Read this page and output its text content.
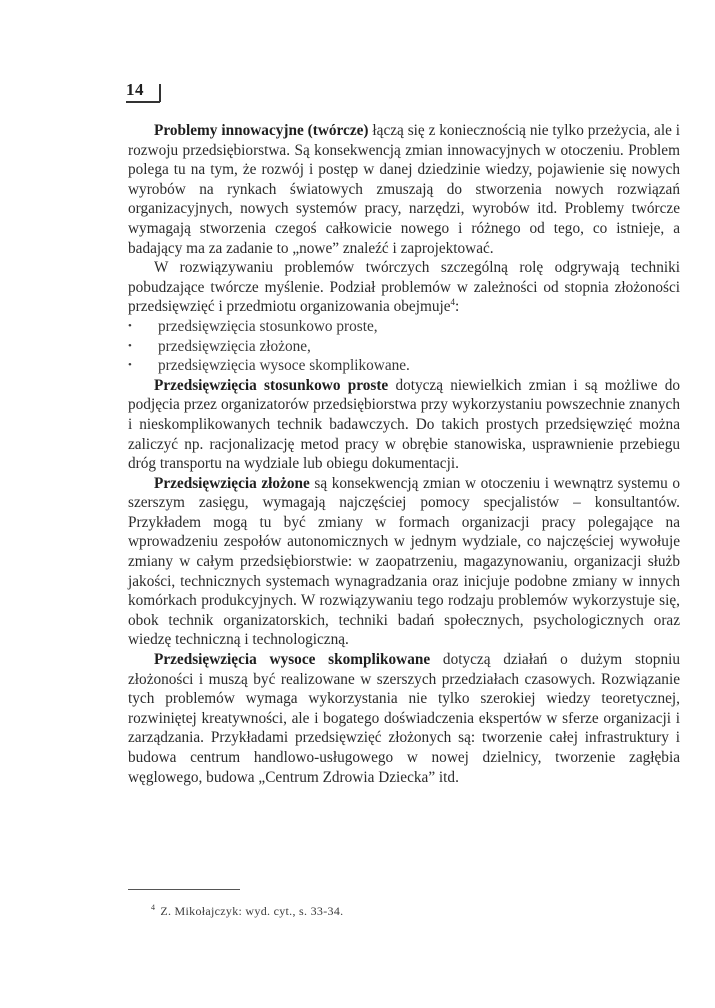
14

Problemy innowacyjne (twórcze) łączą się z koniecznością nie tylko przeżycia, ale i rozwoju przedsiębiorstwa. Są konsekwencją zmian innowacyjnych w otoczeniu. Problem polega tu na tym, że rozwój i postęp w danej dziedzinie wiedzy, pojawienie się nowych wyrobów na rynkach światowych zmuszają do stworzenia nowych rozwiązań organizacyjnych, nowych systemów pracy, narzędzi, wyrobów itd. Problemy twórcze wymagają stworzenia czegoś całkowicie nowego i różnego od tego, co istnieje, a badający ma za zadanie to „nowe” znaleźć i zaprojektować.

W rozwiązywaniu problemów twórczych szczególną rolę odgrywają techniki pobudzające twórcze myślenie. Podział problemów w zależności od stopnia złożoności przedsięwzięć i przedmiotu organizowania obejmuje$^4$:

• przedsięwzięcia stosunkowo proste,
• przedsięwzięcia złożone,
• przedsięwzięcia wysoce skomplikowane.

Przedsięwzięcia stosunkowo proste dotyczą niewielkich zmian i są możliwe do podjęcia przez organizatorów przedsiębiorstwa przy wykorzystaniu powszechnie znanych i nieskomplikowanych technik badawczych. Do takich prostych przedsięwzięć można zaliczyć np. racjonalizację metod pracy w obrębie stanowiska, usprawnienie przebiegu dróg transportu na wydziale lub obiegu dokumentacji.

Przedsięwzięcia złożone są konsekwencją zmian w otoczeniu i wewnątrz systemu o szerszym zasięgu, wymagają najczęściej pomocy specjalistów – konsultantów. Przykładem mogą tu być zmiany w formach organizacji pracy polegające na wprowadzeniu zespołów autonomicznych w jednym wydziale, co najczęściej wywołuje zmiany w całym przedsiębiorstwie: w zaopatrzeniu, magazynowaniu, organizacji służb jakości, technicznych systemach wynagradzania oraz inicjuje podobne zmiany w innych komórkach produkcyjnych. W rozwiązywaniu tego rodzaju problemów wykorzystuje się, obok technik organizatorskich, techniki badań społecznych, psychologicznych oraz wiedzę techniczną i technologiczną.

Przedsięwzięcia wysoce skomplikowane dotyczą działań o dużym stopniu złożoności i muszą być realizowane w szerszych przedziałach czasowych. Rozwiązanie tych problemów wymaga wykorzystania nie tylko szerokiej wiedzy teoretycznej, rozwiniętej kreatywności, ale i bogatego doświadczenia ekspertów w sferze organizacji i zarządzania. Przykładami przedsięwzięć złożonych są: tworzenie całej infrastruktury i budowa centrum handlowo-usługowego w nowej dzielnicy, tworzenie zagłębia węglowego, budowa „Centrum Zdrowia Dziecka” itd.

$^4$ Z. Mikołajczyk: wyd. cyt., s. 33-34.
